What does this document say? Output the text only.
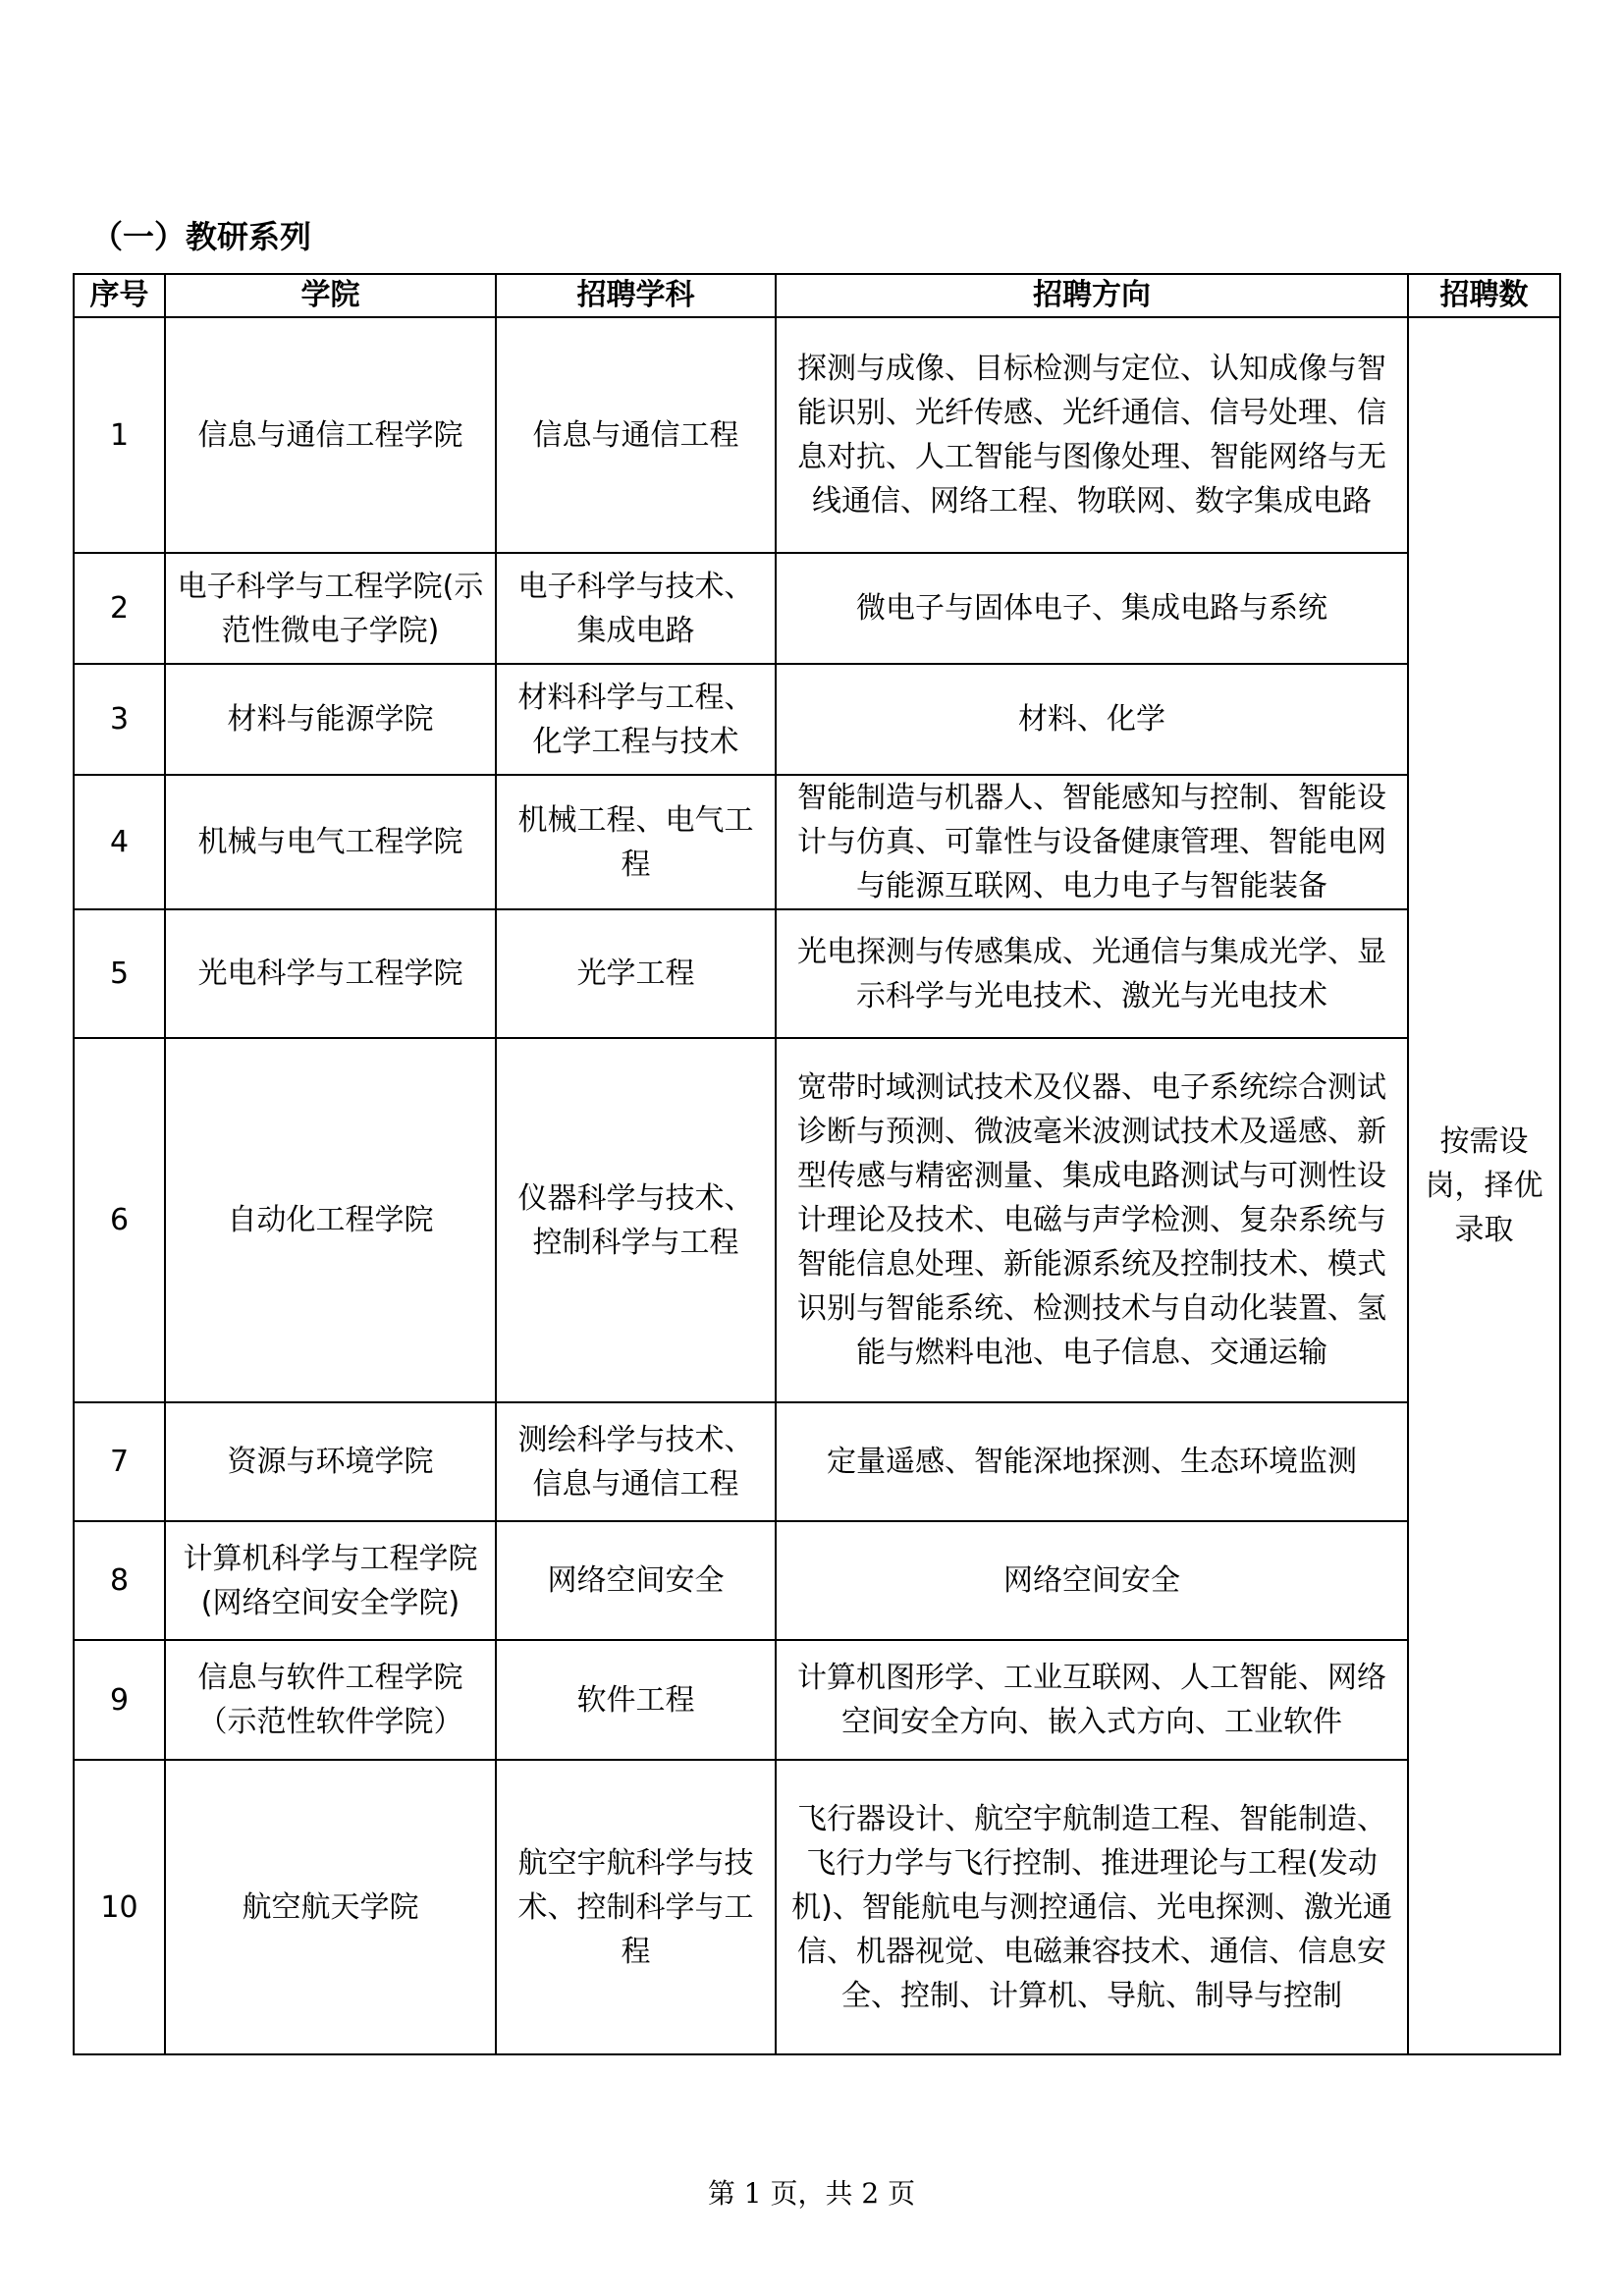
（一）教研系列
序号	学院	招聘学科	招聘方向	招聘数
1	信息与通信工程学院	信息与通信工程	探测与成像、目标检测与定位、认知成像与智能识别、光纤传感、光纤通信、信号处理、信息对抗、人工智能与图像处理、智能网络与无线通信、网络工程、物联网、数字集成电路	按需设岗，择优录取
2	电子科学与工程学院(示范性微电子学院)	电子科学与技术、集成电路	微电子与固体电子、集成电路与系统	
3	材料与能源学院	材料科学与工程、化学工程与技术	材料、化学	
4	机械与电气工程学院	机械工程、电气工程	智能制造与机器人、智能感知与控制、智能设计与仿真、可靠性与设备健康管理、智能电网与能源互联网、电力电子与智能装备	
5	光电科学与工程学院	光学工程	光电探测与传感集成、光通信与集成光学、显示科学与光电技术、激光与光电技术	
6	自动化工程学院	仪器科学与技术、控制科学与工程	宽带时域测试技术及仪器、电子系统综合测试诊断与预测、微波毫米波测试技术及遥感、新型传感与精密测量、集成电路测试与可测性设计理论及技术、电磁与声学检测、复杂系统与智能信息处理、新能源系统及控制技术、模式识别与智能系统、检测技术与自动化装置、氢能与燃料电池、电子信息、交通运输	
7	资源与环境学院	测绘科学与技术、信息与通信工程	定量遥感、智能深地探测、生态环境监测	
8	计算机科学与工程学院(网络空间安全学院)	网络空间安全	网络空间安全	
9	信息与软件工程学院（示范性软件学院）	软件工程	计算机图形学、工业互联网、人工智能、网络空间安全方向、嵌入式方向、工业软件	
10	航空航天学院	航空宇航科学与技术、控制科学与工程	飞行器设计、航空宇航制造工程、智能制造、飞行力学与飞行控制、推进理论与工程(发动机)、智能航电与测控通信、光电探测、激光通信、机器视觉、电磁兼容技术、通信、信息安全、控制、计算机、导航、制导与控制	
第 1 页，共 2 页
